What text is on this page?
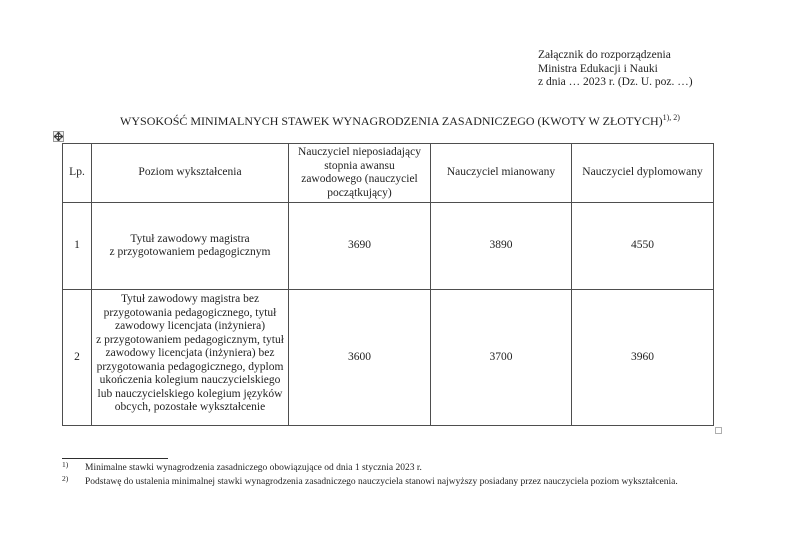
Załącznik do rozporządzenia
Ministra Edukacji i Nauki
z dnia … 2023 r. (Dz. U. poz. …)
WYSOKOŚĆ MINIMALNYCH STAWEK WYNAGRODZENIA ZASADNICZEGO (KWOTY W ZŁOTYCH)$^{1), 2)}$
Lp.	Poziom wykształcenia	Nauczyciel nieposiadający stopnia awansu zawodowego (nauczyciel początkujący)	Nauczyciel mianowany	Nauczyciel dyplomowany
1	Tytuł zawodowy magistra z przygotowaniem pedagogicznym	3690	3890	4550
2	Tytuł zawodowy magistra bez przygotowania pedagogicznego, tytuł zawodowy licencjata (inżyniera) z przygotowaniem pedagogicznym, tytuł zawodowy licencjata (inżyniera) bez przygotowania pedagogicznego, dyplom ukończenia kolegium nauczycielskiego lub nauczycielskiego kolegium języków obcych, pozostałe wykształcenie	3600	3700	3960
1)	Minimalne stawki wynagrodzenia zasadniczego obowiązujące od dnia 1 stycznia 2023 r.
2)	Podstawę do ustalenia minimalnej stawki wynagrodzenia zasadniczego nauczyciela stanowi najwyższy posiadany przez nauczyciela poziom wykształcenia.
